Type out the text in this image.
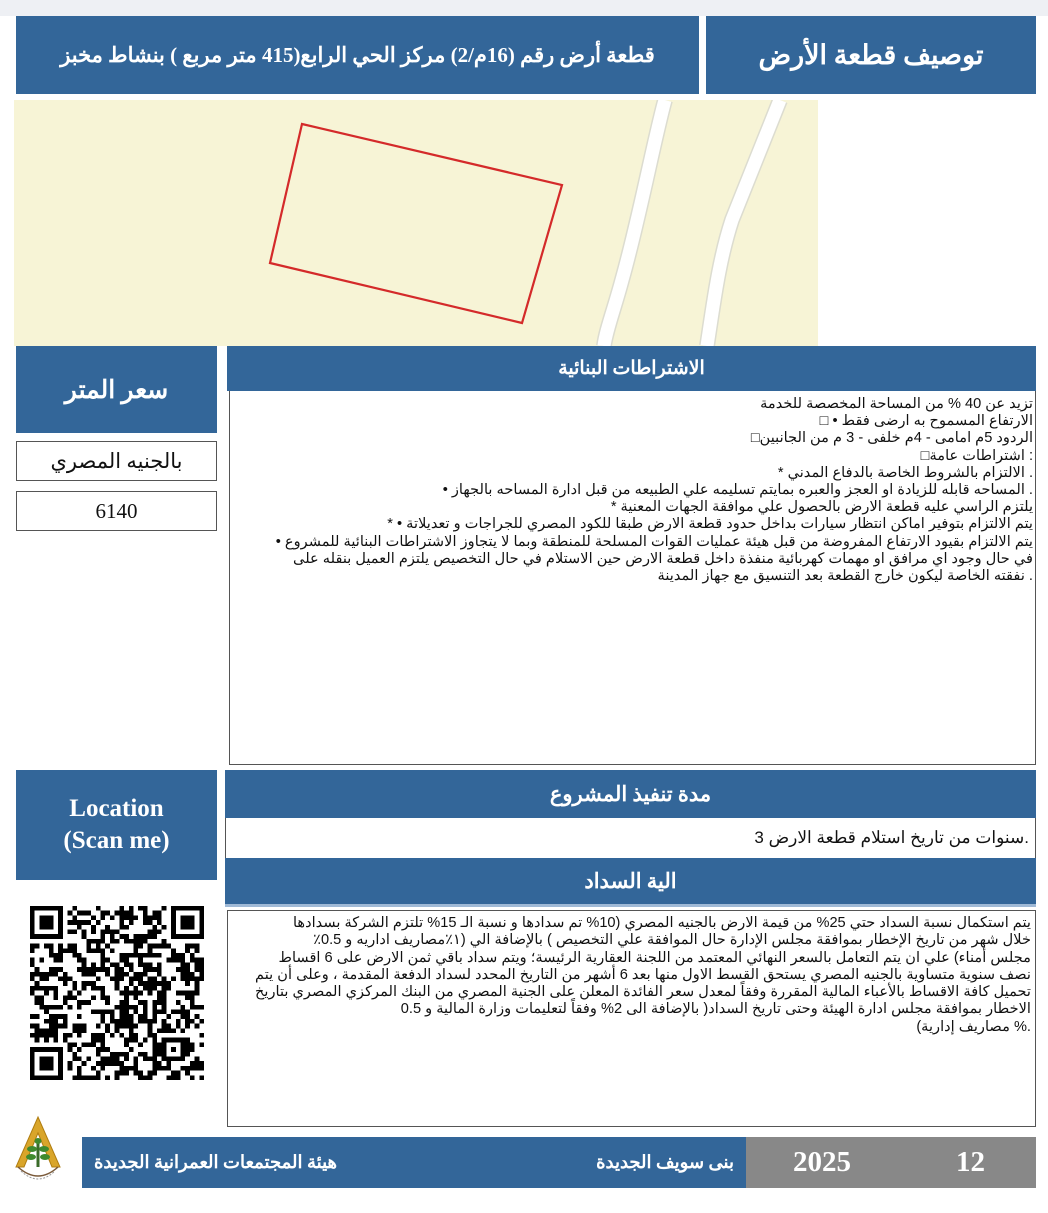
قطعة أرض رقم (16م/2) مركز الحي الرابع(415 متر مربع ) بنشاط مخبز	توصيف قطعة الأرض
سعر المتر
بالجنيه المصري
6140
الاشتراطات البنائية
تزيد عن 40 % من المساحة المخصصة للخدمة
الارتفاع المسموح به ارضى فقط • □
الردود 5م امامى - 4م خلفى - 3 م من الجانبين□
: اشتراطات عامة□
. الالتزام بالشروط الخاصة بالدفاع المدني *
. المساحه قابله للزيادة او العجز والعبره بمايتم تسليمه علي الطبيعه من قبل ادارة المساحه بالجهاز •
يلتزم الراسي عليه قطعة الارض بالحصول علي موافقة الجهات المعنية *
يتم الالتزام بتوفير اماكن انتظار سيارات بداخل حدود قطعة الارض طبقا للكود المصري للجراجات و تعديلاتة • *
يتم الالتزام بقيود الارتفاع المفروضة من قبل هيئة عمليات القوات المسلحة للمنطقة وبما لا يتجاوز الاشتراطات البنائية للمشروع •
في حال وجود اي مرافق او مهمات كهربائية منفذة داخل قطعة الارض حين الاستلام في حال التخصيص يلتزم العميل بنقله على
. نفقته الخاصة ليكون خارج القطعة بعد التنسيق مع جهاز المدينة
Location
(Scan me)
مدة تنفيذ المشروع
.سنوات من تاريخ استلام قطعة الارض 3
الية السداد
يتم استكمال نسبة السداد حتي 25% من قيمة الارض بالجنيه المصري (10% تم سدادها و نسبة الـ 15% تلتزم الشركة بسدادها
خلال شهر من تاريخ الإخطار بموافقة مجلس الإدارة حال الموافقة علي التخصيص ) بالإضافة الي (١٪مصاريف اداريه و 0.5٪
مجلس أمناء) علي ان يتم التعامل بالسعر النهائي المعتمد من اللجنة العقارية الرئيسة؛ ويتم سداد باقي ثمن الارض على 6 اقساط
نصف سنوية متساوية بالجنيه المصري يستحق القسط الاول منها بعد 6 أشهر من التاريخ المحدد لسداد الدفعة المقدمة ، وعلى أن يتم
تحميل كافة الاقساط بالأعباء المالية المقررة وفقاً لمعدل سعر الفائدة المعلن على الجنية المصري من البنك المركزي المصري بتاريخ
الاخطار بموافقة مجلس ادارة الهيئة وحتى تاريخ السداد( بالإضافة الى 2% وفقاً لتعليمات وزارة المالية و 0.5
.% مصاريف إدارية)
بنى سويف الجديدة
هيئة المجتمعات العمرانية الجديدة	2025	12
